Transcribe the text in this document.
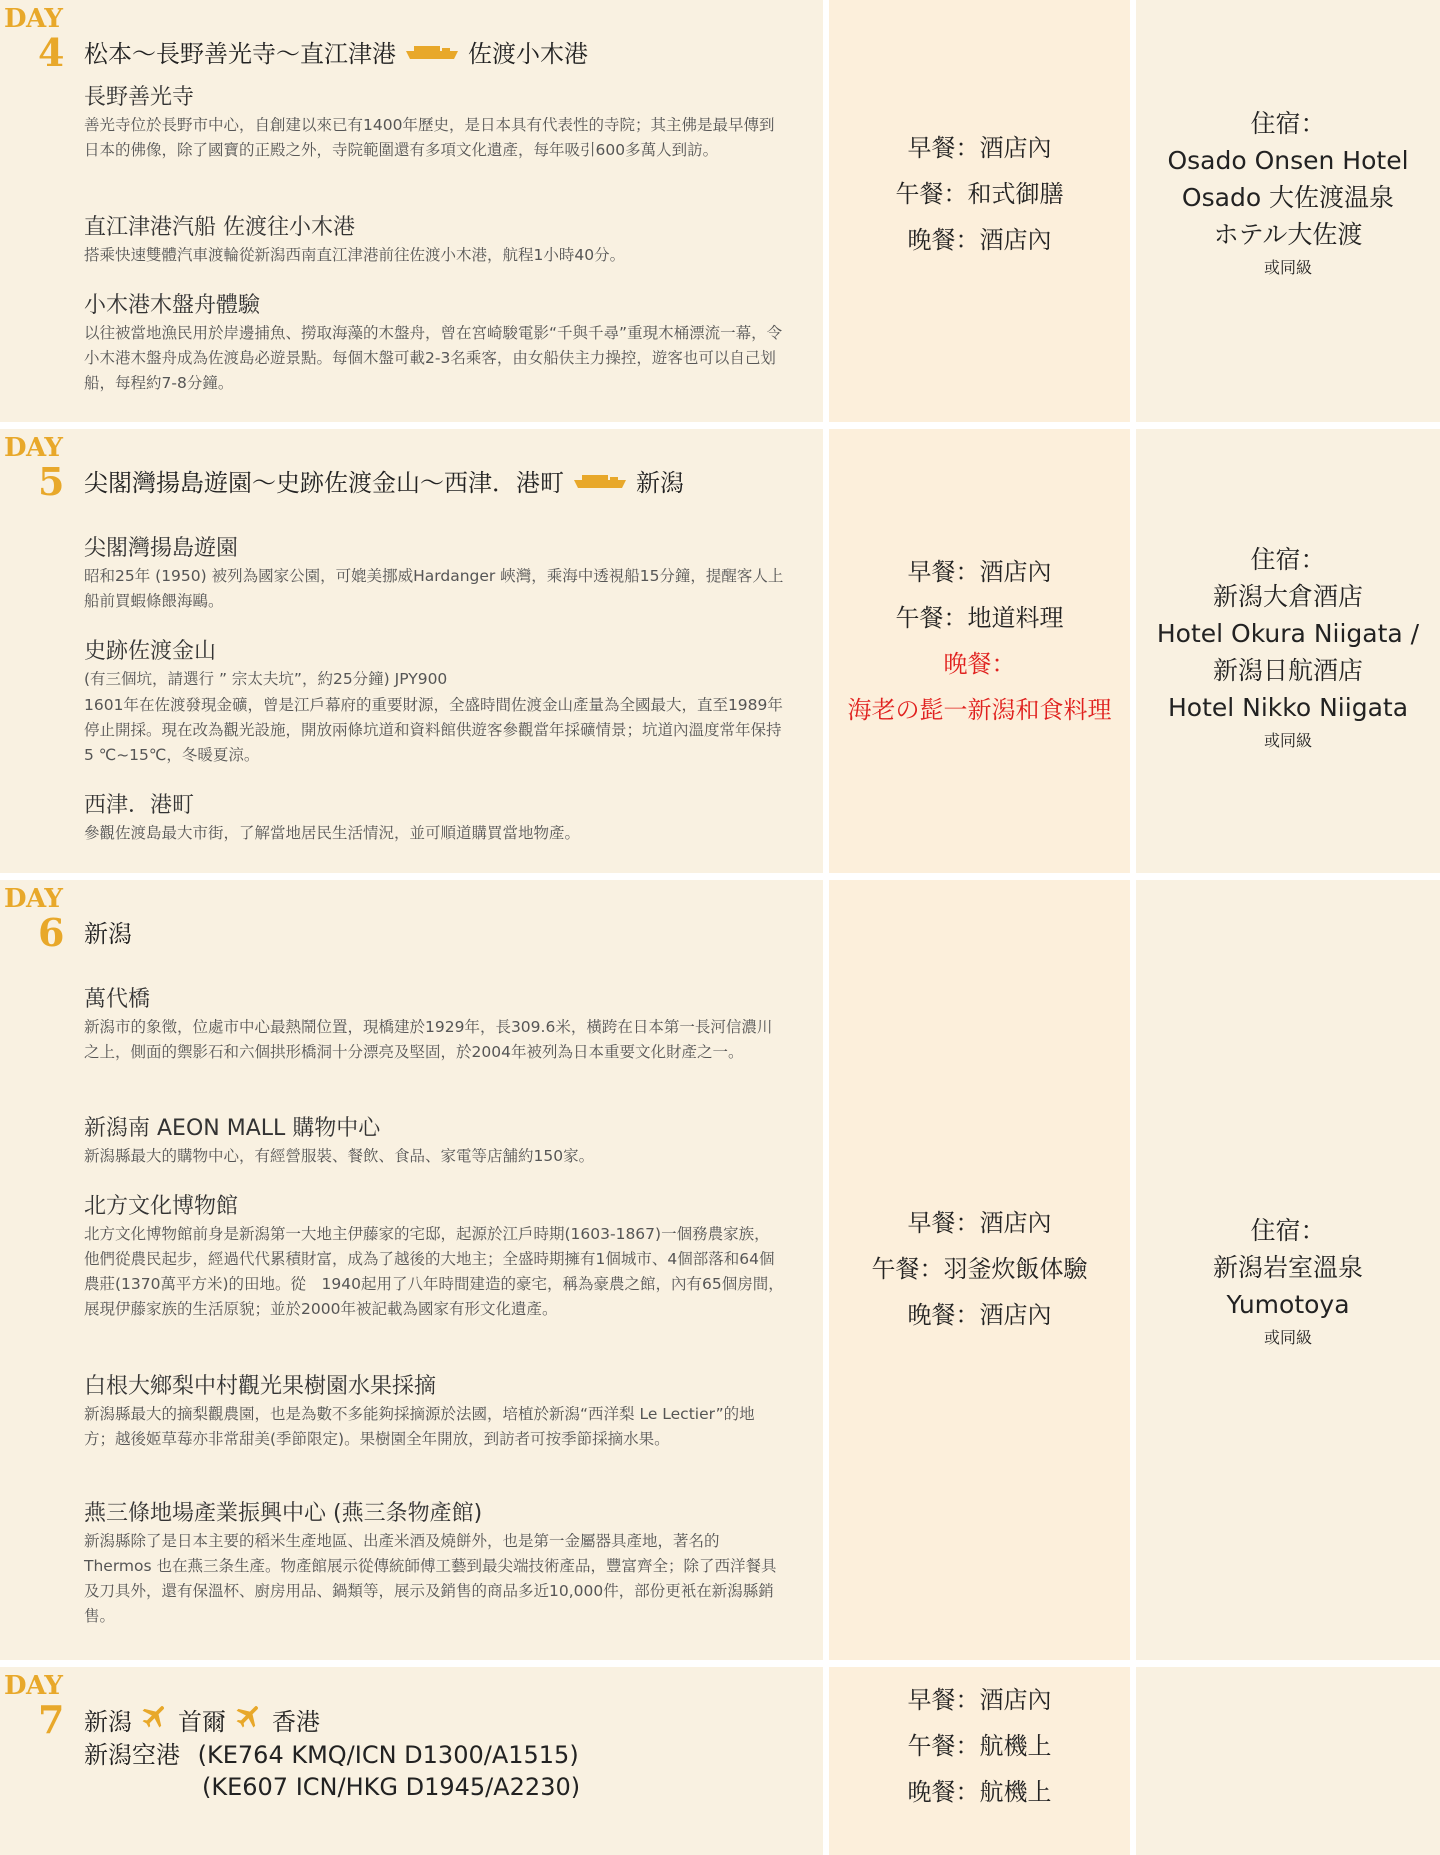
DAY
4 松本～長野善光寺～直江津港	佐渡小木港
長野善光寺
善光寺位於長野市中心，自創建以來已有1400年歷史，是日本具有代表性的寺院；其主佛是最早傳到日本的佛像，除了國寶的正殿之外，寺院範圍還有多項文化遺產，每年吸引600多萬人到訪。
直江津港汽船 佐渡往小木港
搭乘快速雙體汽車渡輪從新潟西南直江津港前往佐渡小木港，航程1小時40分。
小木港木盤舟體驗
以往被當地漁民用於岸邊捕魚、撈取海藻的木盤舟，曾在宮崎駿電影“千與千尋”重現木桶漂流一幕，令小木港木盤舟成為佐渡島必遊景點。每個木盤可載2-3名乘客，由女船伕主力操控，遊客也可以自己划船，每程約7-8分鐘。
早餐：酒店內
午餐：和式御膳
晚餐：酒店內
住宿：
Osado Onsen Hotel
Osado 大佐渡温泉
ホテル大佐渡
或同級
DAY
5 尖閣灣揚島遊園～史跡佐渡金山～西津．港町	新潟
尖閣灣揚島遊園
昭和25年 (1950) 被列為國家公園，可媲美挪威Hardanger 峽灣，乘海中透視船15分鐘，提醒客人上船前買蝦條餵海鷗。
史跡佐渡金山
(有三個坑，請選行 ” 宗太夫坑”，約25分鐘) JPY900
1601年在佐渡發現金礦，曾是江戶幕府的重要財源，全盛時間佐渡金山產量為全國最大，直至1989年停止開採。現在改為觀光設施，開放兩條坑道和資料館供遊客參觀當年採礦情景；坑道內溫度常年保持5 ℃~15℃，冬暖夏涼。
西津．港町
參觀佐渡島最大市街，了解當地居民生活情況，並可順道購買當地物產。
早餐：酒店內
午餐：地道料理
晚餐：
海老の髭一新潟和食料理
住宿：
新潟大倉酒店
Hotel Okura Niigata /
新潟日航酒店
Hotel Nikko Niigata
或同級
DAY
6 新潟
萬代橋
新潟市的象徵，位處市中心最熱鬧位置，現橋建於1929年，長309.6米，橫跨在日本第一長河信濃川之上，側面的禦影石和六個拱形橋洞十分漂亮及堅固，於2004年被列為日本重要文化財產之一。
新潟南 AEON MALL 購物中心
新潟縣最大的購物中心，有經營服裝、餐飲、食品、家電等店舗約150家。
北方文化博物館
北方文化博物館前身是新潟第一大地主伊藤家的宅邸，起源於江戶時期(1603-1867)一個務農家族，他們從農民起步，經過代代累積財富，成為了越後的大地主；全盛時期擁有1個城市、4個部落和64個農莊(1370萬平方米)的田地。從　1940起用了八年時間建造的豪宅，稱為豪農之館，內有65個房間，展現伊藤家族的生活原貌；並於2000年被記載為國家有形文化遺產。
白根大鄉梨中村觀光果樹園水果採摘
新潟縣最大的摘梨觀農園，也是為數不多能夠採摘源於法國，培植於新潟“西洋梨 Le Lectier”的地方；越後姬草莓亦非常甜美(季節限定)。果樹園全年開放，到訪者可按季節採摘水果。
燕三條地場產業振興中心 (燕三条物產館)
新潟縣除了是日本主要的稻米生產地區、出產米酒及燒餅外，也是第一金屬器具產地，著名的Thermos 也在燕三条生產。物產館展示從傳統師傅工藝到最尖端技術產品，豐富齊全；除了西洋餐具及刀具外，還有保溫杯、廚房用品、鍋類等，展示及銷售的商品多近10,000件，部份更衹在新潟縣銷售。
早餐：酒店內
午餐：羽釜炊飯体驗
晚餐：酒店內
住宿：
新潟岩室溫泉
Yumotoya
或同級
DAY
7 新潟 首爾 香港
新潟空港 (KE764 KMQ/ICN D1300/A1515)
(KE607 ICN/HKG D1945/A2230)
早餐：酒店內
午餐：航機上
晚餐：航機上
